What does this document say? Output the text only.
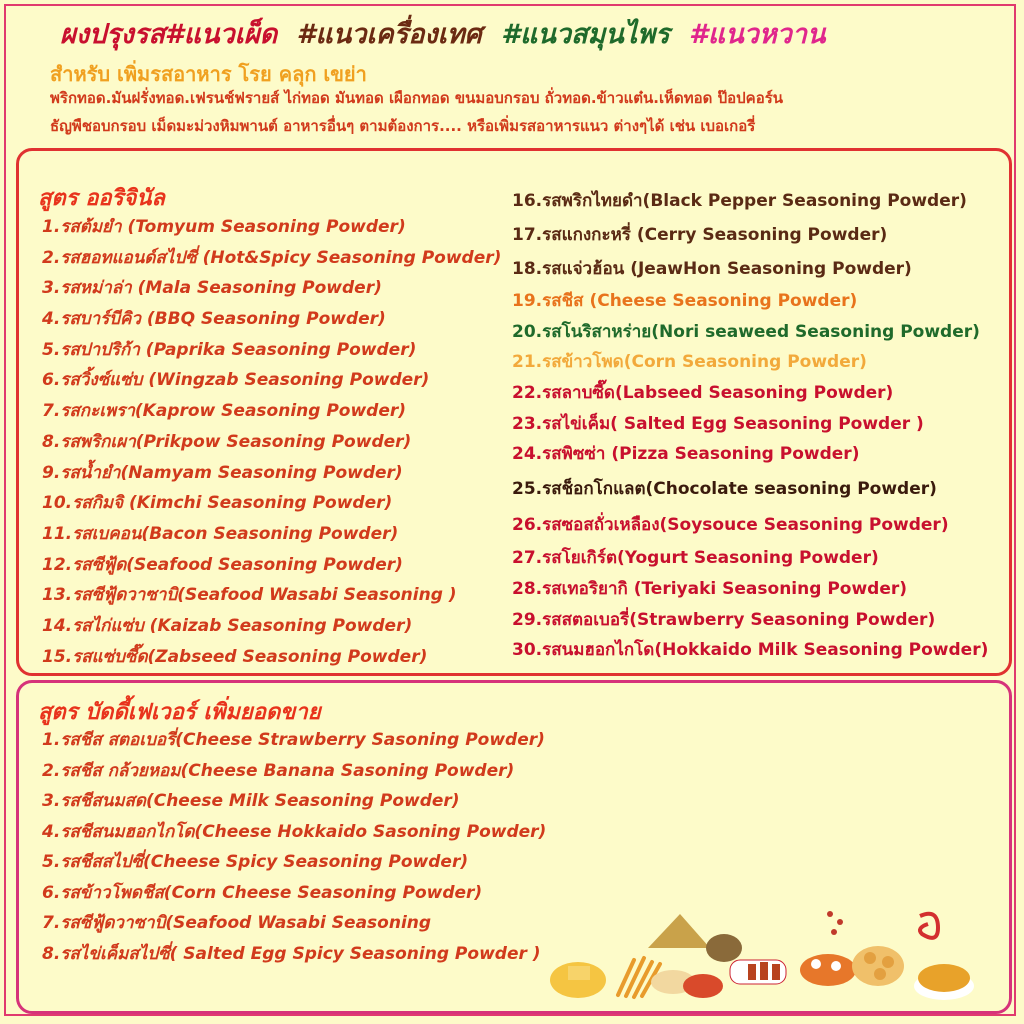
ผงปรุงรส#แนวเผ็ด #แนวเครื่องเทศ #แนวสมุนไพร #แนวหวาน
สำหรับ เพิ่มรสอาหาร โรย คลุก เขย่า
พริกทอด.มันฝรั่งทอด.เฟรนช์ฟรายส์ ไก่ทอด มันทอด เผือกทอด ขนมอบกรอบ ถั่วทอด.ข้าวแต๋น.เห็ดทอด ป๊อปคอร์น
ธัญพืชอบกรอบ เม็ดมะม่วงหิมพานต์ อาหารอื่นๆ ตามต้องการ.... หรือเพิ่มรสอาหารแนว ต่างๆได้ เช่น เบอเกอรี่
สูตร ออริจินัล
1.รสต้มยำ (Tomyum Seasoning Powder)
2.รสฮอทแอนด์สไปซี่ (Hot&Spicy Seasoning Powder)
3.รสหม่าล่า (Mala Seasoning Powder)
4.รสบาร์บีคิว (BBQ Seasoning Powder)
5.รสปาปริก้า (Paprika Seasoning Powder)
6.รสวิ้งซ์แซ่บ (Wingzab Seasoning Powder)
7.รสกะเพรา(Kaprow Seasoning Powder)
8.รสพริกเผา(Prikpow Seasoning Powder)
9.รสน้ำยำ(Namyam Seasoning Powder)
10.รสกิมจิ (Kimchi Seasoning Powder)
11.รสเบคอน(Bacon Seasoning Powder)
12.รสซีฟู้ด(Seafood Seasoning Powder)
13.รสซีฟู้ดวาซาบิ(Seafood Wasabi Seasoning )
14.รสไก่แซ่บ (Kaizab Seasoning Powder)
15.รสแซ่บซี๊ด(Zabseed Seasoning Powder)
16.รสพริกไทยดำ(Black Pepper Seasoning Powder)
17.รสแกงกะหรี่ (Cerry Seasoning Powder)
18.รสแจ่วฮ้อน (JeawHon Seasoning Powder)
19.รสชีส (Cheese Seasoning Powder)
20.รสโนริสาหร่าย(Nori seaweed Seasoning Powder)
21.รสข้าวโพด(Corn Seasoning Powder)
22.รสลาบซี๊ด(Labseed Seasoning Powder)
23.รสไข่เค็ม( Salted Egg Seasoning Powder )
24.รสพิซซ่า (Pizza Seasoning Powder)
25.รสช็อกโกแลต(Chocolate seasoning Powder)
26.รสซอสถั่วเหลือง(Soysouce Seasoning Powder)
27.รสโยเกิร์ต(Yogurt Seasoning Powder)
28.รสเทอริยากิ (Teriyaki Seasoning Powder)
29.รสสตอเบอรี่(Strawberry Seasoning Powder)
30.รสนมฮอกไกโด(Hokkaido Milk Seasoning Powder)
สูตร บัดดี้เฟเวอร์ เพิ่มยอดขาย
1.รสชีส สตอเบอรี่(Cheese Strawberry Sasoning Powder)
2.รสชีส กล้วยหอม(Cheese Banana Sasoning Powder)
3.รสชีสนมสด(Cheese Milk Seasoning Powder)
4.รสชีสนมฮอกไกโด(Cheese Hokkaido Sasoning Powder)
5.รสชีสสไปซี่(Cheese Spicy Seasoning Powder)
6.รสข้าวโพดชีส(Corn Cheese Seasoning Powder)
7.รสซีฟู้ดวาซาบิ(Seafood Wasabi Seasoning
8.รสไข่เค็มสไปซี่( Salted Egg Spicy Seasoning Powder )
